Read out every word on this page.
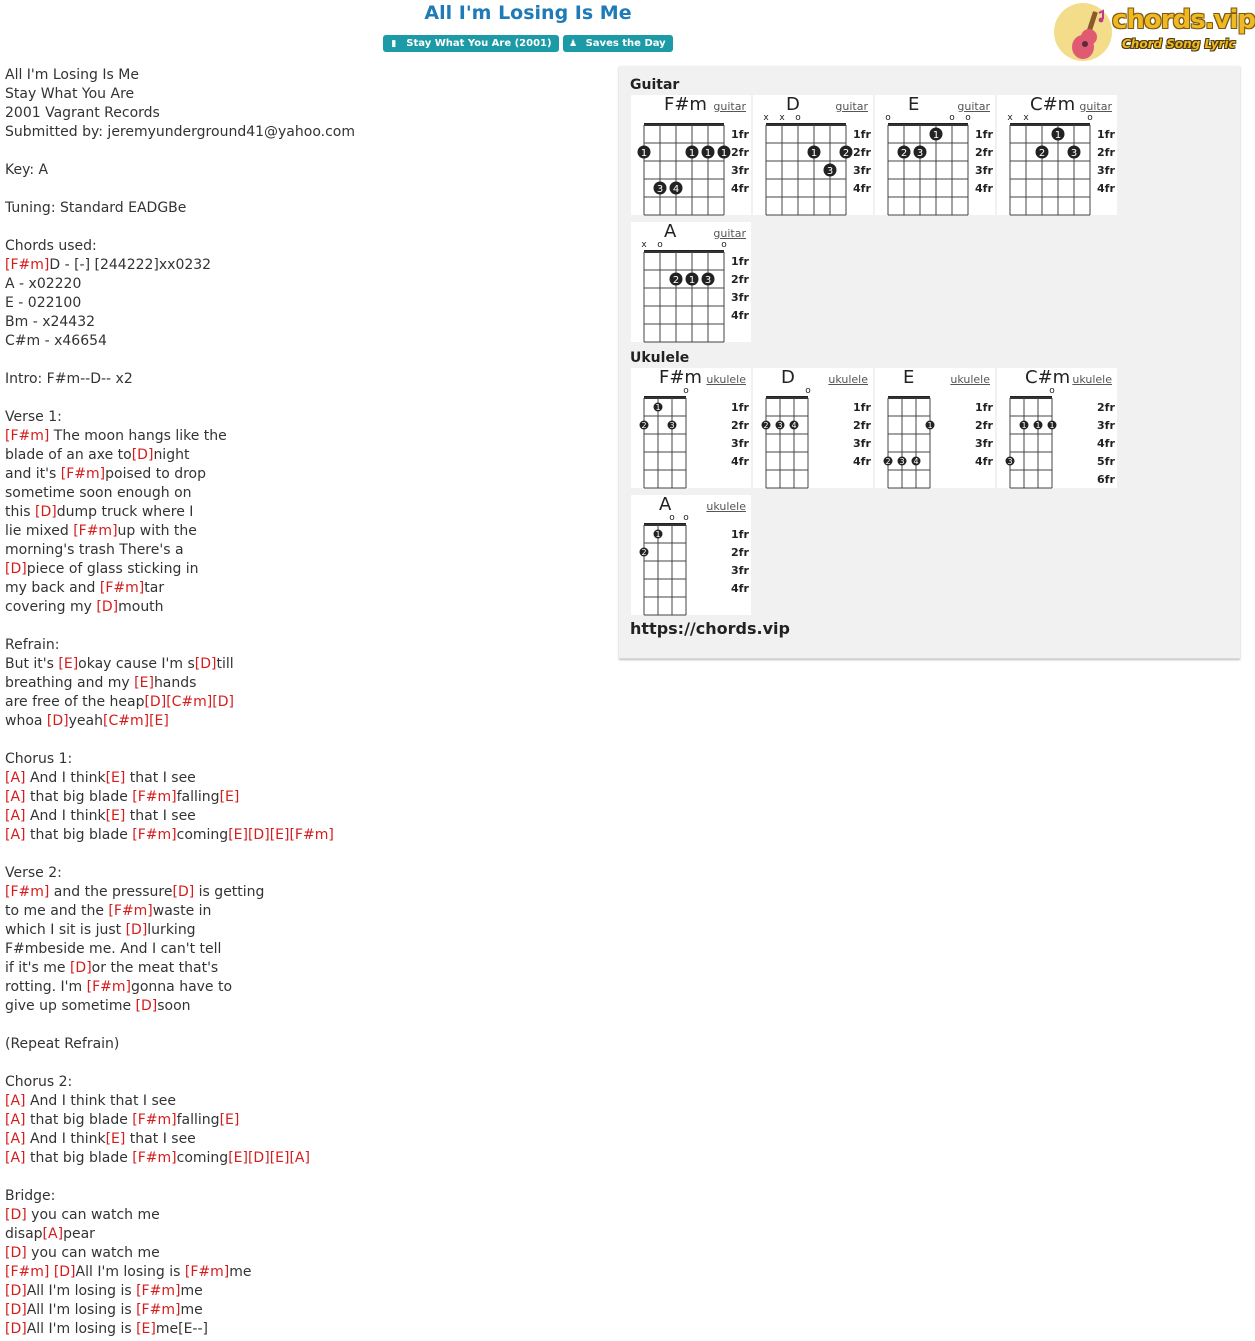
All I'm Losing Is Me
▮ Stay What You Are (2001) ♟ Saves the Day
chords.vip
Chord Song Lyric
All I'm Losing Is Me
Stay What You Are
2001 Vagrant Records
Submitted by: jeremyunderground41@yahoo.com
Key: A
Tuning: Standard EADGBe
Chords used:
[F#m]D - [-] [244222]xx0232
A - x02220
E - 022100
Bm - x24432
C#m - x46654
Intro: F#m--D-- x2
Verse 1:
[F#m] The moon hangs like the
blade of an axe to[D]night
and it's [F#m]poised to drop
sometime soon enough on
this [D]dump truck where I
lie mixed [F#m]up with the
morning's trash There's a
[D]piece of glass sticking in
my back and [F#m]tar
covering my [D]mouth
Refrain:
But it's [E]okay cause I'm s[D]till
breathing and my [E]hands
are free of the heap[D][C#m][D]
whoa [D]yeah[C#m][E]
Chorus 1:
[A] And I think[E] that I see
[A] that big blade [F#m]falling[E]
[A] And I think[E] that I see
[A] that big blade [F#m]coming[E][D][E][F#m]
Verse 2:
[F#m] and the pressure[D] is getting
to me and the [F#m]waste in
which I sit is just [D]lurking
F#mbeside me. And I can't tell
if it's me [D]or the meat that's
rotting. I'm [F#m]gonna have to
give up sometime [D]soon
(Repeat Refrain)
Chorus 2:
[A] And I think that I see
[A] that big blade [F#m]falling[E]
[A] And I think[E] that I see
[A] that big blade [F#m]coming[E][D][E][A]
Bridge:
[D] you can watch me
disap[A]pear
[D] you can watch me
[F#m] [D]All I'm losing is [F#m]me
[D]All I'm losing is [F#m]me
[D]All I'm losing is [F#m]me
[D]All I'm losing is [E]me[E--]
Guitar
1fr
2fr
3fr
4fr
1	1 1 1
3 4
F#m guitar
x x o
1fr
2fr
3fr
4fr
1	2
3
D	guitar
o	o o
1fr
2fr
3fr
4fr
1
2 3
E	guitar
x x	o
1fr
2fr
3fr
4fr
1
2	3
C#m guitar
x o	o
1fr
2fr
3fr
4fr
2 1 3
A	guitar
Ukulele
o
1fr
2fr
3fr
4fr
1
2	3
F#m ukulele
o
1fr
2fr
3fr
4fr
2 3 4
D	ukulele
1fr
2fr
3fr
4fr
1
2 3 4
E	ukulele
o
2fr
3fr
4fr
5fr
6fr
1 1 1
3
C#m ukulele
o o
1fr
2fr
3fr
4fr
1
2
A	ukulele
https://chords.vip
